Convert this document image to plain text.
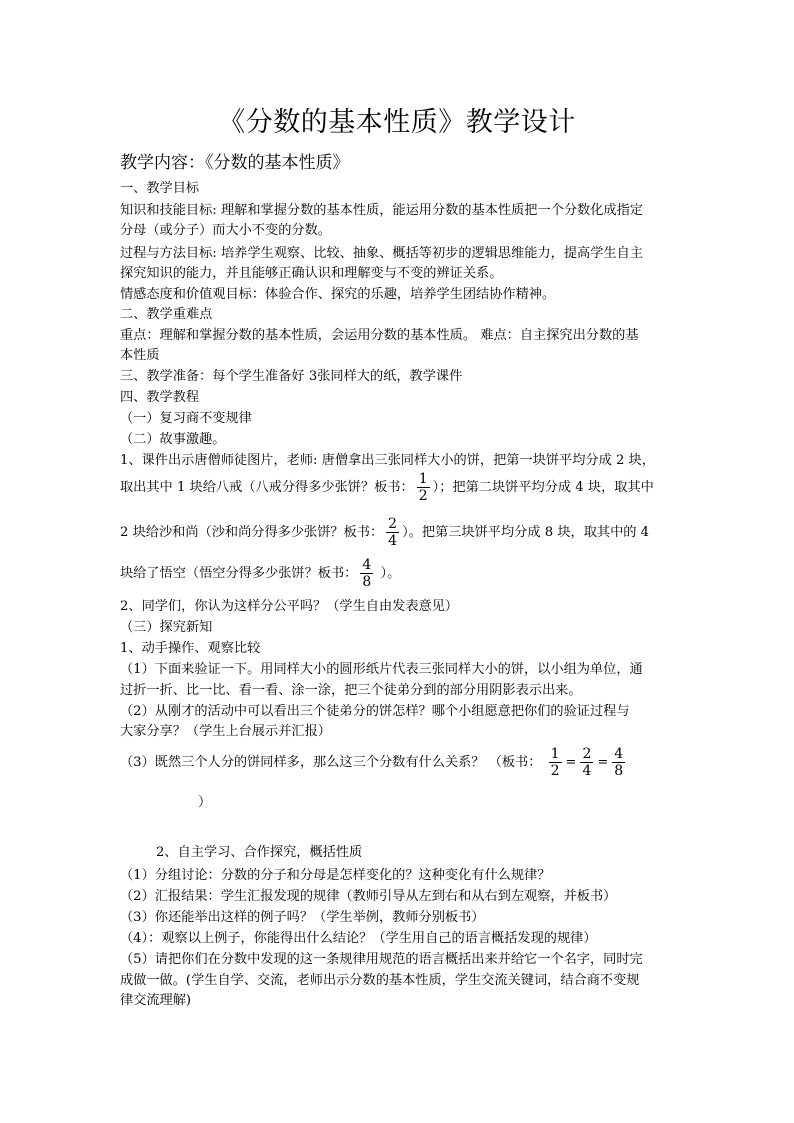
《分数的基本性质》教学设计
教学内容：《分数的基本性质》
一、教学目标
知识和技能目标: 理解和掌握分数的基本性质，能运用分数的基本性质把一个分数化成指定
分母（或分子）而大小不变的分数。
过程与方法目标: 培养学生观察、比较、抽象、概括等初步的逻辑思维能力，提高学生自主
探究知识的能力，并且能够正确认识和理解变与不变的辨证关系。
情感态度和价值观目标：体验合作、探究的乐趣，培养学生团结协作精神。
二、教学重难点
重点：理解和掌握分数的基本性质，会运用分数的基本性质。 难点：自主探究出分数的基
本性质
三、教学准备：每个学生准备好 3张同样大的纸，教学课件
四、教学教程
（一）复习商不变规律
（二）故事激趣。
1、课件出示唐僧师徒图片，老师: 唐僧拿出三张同样大小的饼，把第一块饼平均分成 2 块，
取出其中 1 块给八戒（八戒分得多少张饼？板书： $\frac{1}{2}$ ）；把第二块饼平均分成 4 块，取其中
2 块给沙和尚（沙和尚分得多少张饼？板书： $\frac{2}{4}$ ）。把第三块饼平均分成 8 块，取其中的 4
块给了悟空（悟空分得多少张饼？板书： $\frac{4}{8}$ ）。
2、同学们，你认为这样分公平吗？（学生自由发表意见）
（三）探究新知
1、动手操作、观察比较
（1）下面来验证一下。用同样大小的圆形纸片代表三张同样大小的饼，以小组为单位，通
过折一折、比一比、看一看、涂一涂，把三个徒弟分到的部分用阴影表示出来。
（2）从刚才的活动中可以看出三个徒弟分的饼怎样？哪个小组愿意把你们的验证过程与
大家分享？（学生上台展示并汇报）
（3）既然三个人分的饼同样多，那么这三个分数有什么关系？ （板书： $\frac{1}{2} = \frac{2}{4} = \frac{4}{8}$
）
2、自主学习、合作探究，概括性质
（1）分组讨论：分数的分子和分母是怎样变化的？这种变化有什么规律？
（2）汇报结果：学生汇报发现的规律（教师引导从左到右和从右到左观察，并板书）
（3）你还能举出这样的例子吗？（学生举例，教师分别板书）
（4）：观察以上例子，你能得出什么结论？（学生用自己的语言概括发现的规律）
（5）请把你们在分数中发现的这一条规律用规范的语言概括出来并给它一个名字，同时完
成做一做。(学生自学、交流，老师出示分数的基本性质，学生交流关键词，结合商不变规
律交流理解)
